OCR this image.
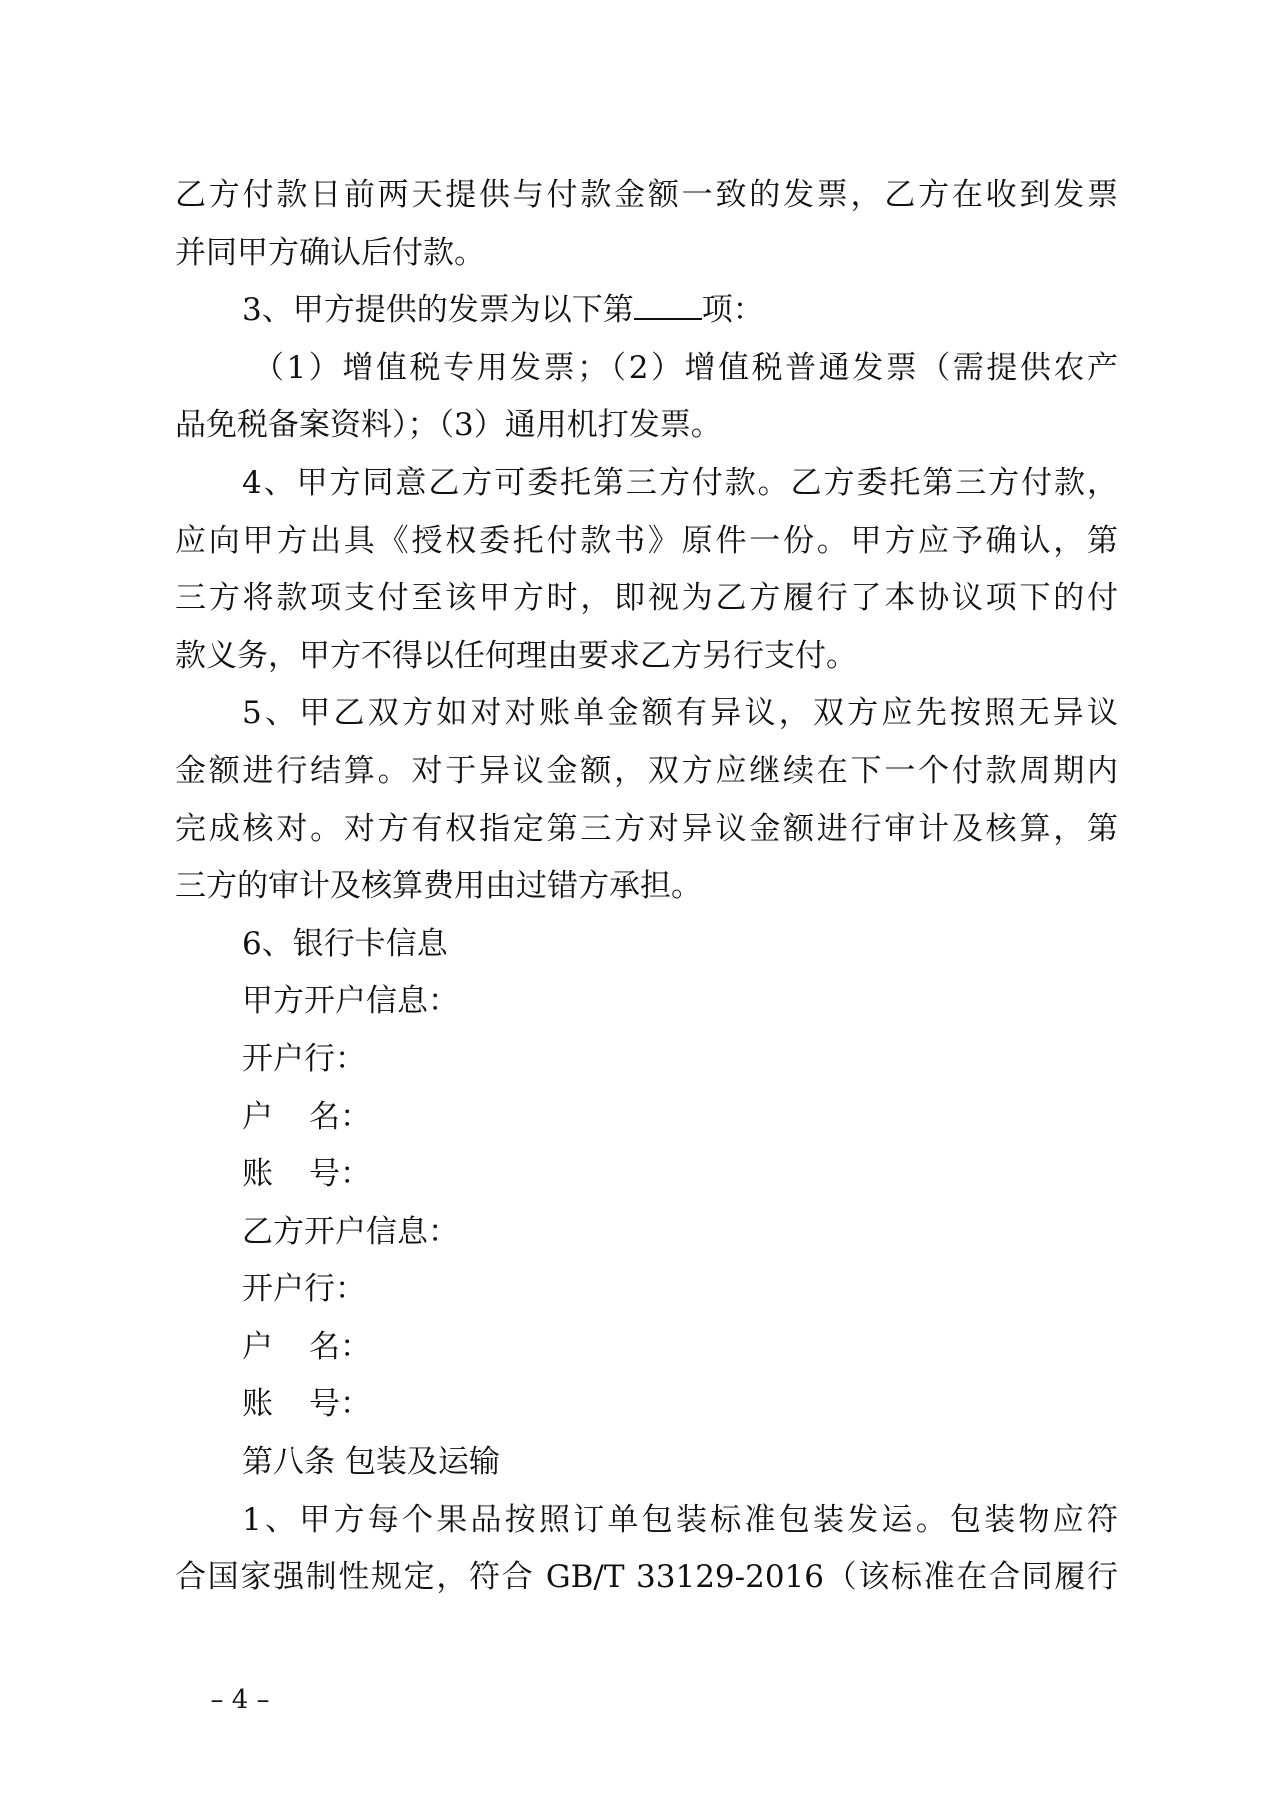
乙方付款日前两天提供与付款金额一致的发票，乙方在收到发票
并同甲方确认后付款。
3、甲方提供的发票为以下第 项：
（1）增值税专用发票；（2）增值税普通发票（需提供农产
品免税备案资料）；（3）通用机打发票。
4、甲方同意乙方可委托第三方付款。乙方委托第三方付款，
应向甲方出具《授权委托付款书》原件一份。甲方应予确认，第
三方将款项支付至该甲方时，即视为乙方履行了本协议项下的付
款义务，甲方不得以任何理由要求乙方另行支付。
5、甲乙双方如对对账单金额有异议，双方应先按照无异议
金额进行结算。对于异议金额，双方应继续在下一个付款周期内
完成核对。对方有权指定第三方对异议金额进行审计及核算，第
三方的审计及核算费用由过错方承担。
6、银行卡信息
甲方开户信息：
开户行：
户 名：
账 号：
乙方开户信息：
开户行：
户 名：
账 号：
第八条 包装及运输
1、甲方每个果品按照订单包装标准包装发运。包装物应符
合国家强制性规定，符合 GB/T 33129-2016（该标准在合同履行
– 4 –
